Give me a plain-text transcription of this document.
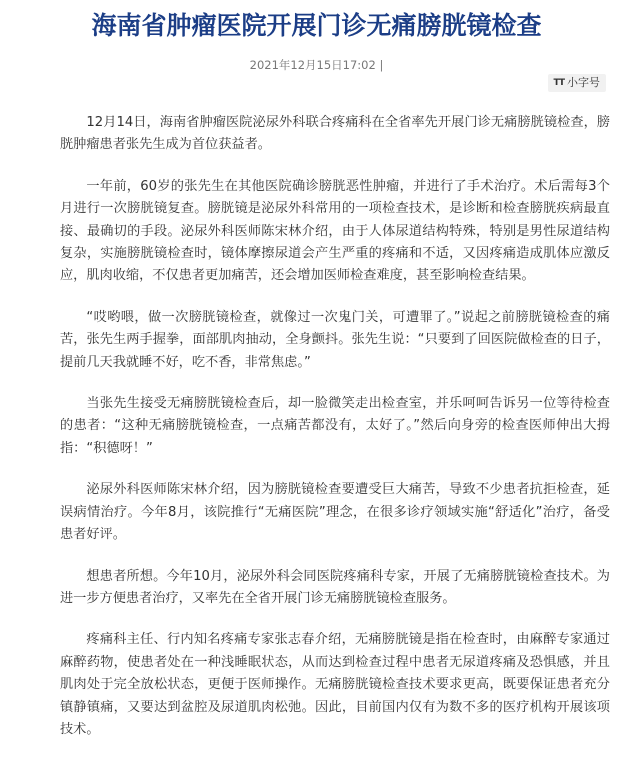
海南省肿瘤医院开展门诊无痛膀胱镜检查
2021年12月15日17:02 |
TT 小字号

12月14日，海南省肿瘤医院泌尿外科联合疼痛科在全省率先开展门诊无痛膀胱镜检查，膀胱肿瘤患者张先生成为首位获益者。

一年前，60岁的张先生在其他医院确诊膀胱恶性肿瘤，并进行了手术治疗。术后需每3个月进行一次膀胱镜复查。膀胱镜是泌尿外科常用的一项检查技术，是诊断和检查膀胱疾病最直接、最确切的手段。泌尿外科医师陈宋林介绍，由于人体尿道结构特殊，特别是男性尿道结构复杂，实施膀胱镜检查时，镜体摩擦尿道会产生严重的疼痛和不适，又因疼痛造成肌体应激反应，肌肉收缩，不仅患者更加痛苦，还会增加医师检查难度，甚至影响检查结果。

“哎哟喂，做一次膀胱镜检查，就像过一次鬼门关，可遭罪了。”说起之前膀胱镜检查的痛苦，张先生两手握拳，面部肌肉抽动，全身颤抖。张先生说：“只要到了回医院做检查的日子，提前几天我就睡不好，吃不香，非常焦虑。”

当张先生接受无痛膀胱镜检查后，却一脸微笑走出检查室，并乐呵呵告诉另一位等待检查的患者：“这种无痛膀胱镜检查，一点痛苦都没有，太好了。”然后向身旁的检查医师伸出大拇指：“积德呀！”

泌尿外科医师陈宋林介绍，因为膀胱镜检查要遭受巨大痛苦，导致不少患者抗拒检查，延误病情治疗。今年8月，该院推行“无痛医院”理念，在很多诊疗领域实施“舒适化”治疗，备受患者好评。

想患者所想。今年10月，泌尿外科会同医院疼痛科专家，开展了无痛膀胱镜检查技术。为进一步方便患者治疗，又率先在全省开展门诊无痛膀胱镜检查服务。

疼痛科主任、行内知名疼痛专家张志春介绍，无痛膀胱镜是指在检查时，由麻醉专家通过麻醉药物，使患者处在一种浅睡眠状态，从而达到检查过程中患者无尿道疼痛及恐惧感，并且肌肉处于完全放松状态，更便于医师操作。无痛膀胱镜检查技术要求更高，既要保证患者充分镇静镇痛，又要达到盆腔及尿道肌肉松弛。因此，目前国内仅有为数不多的医疗机构开展该项技术。
